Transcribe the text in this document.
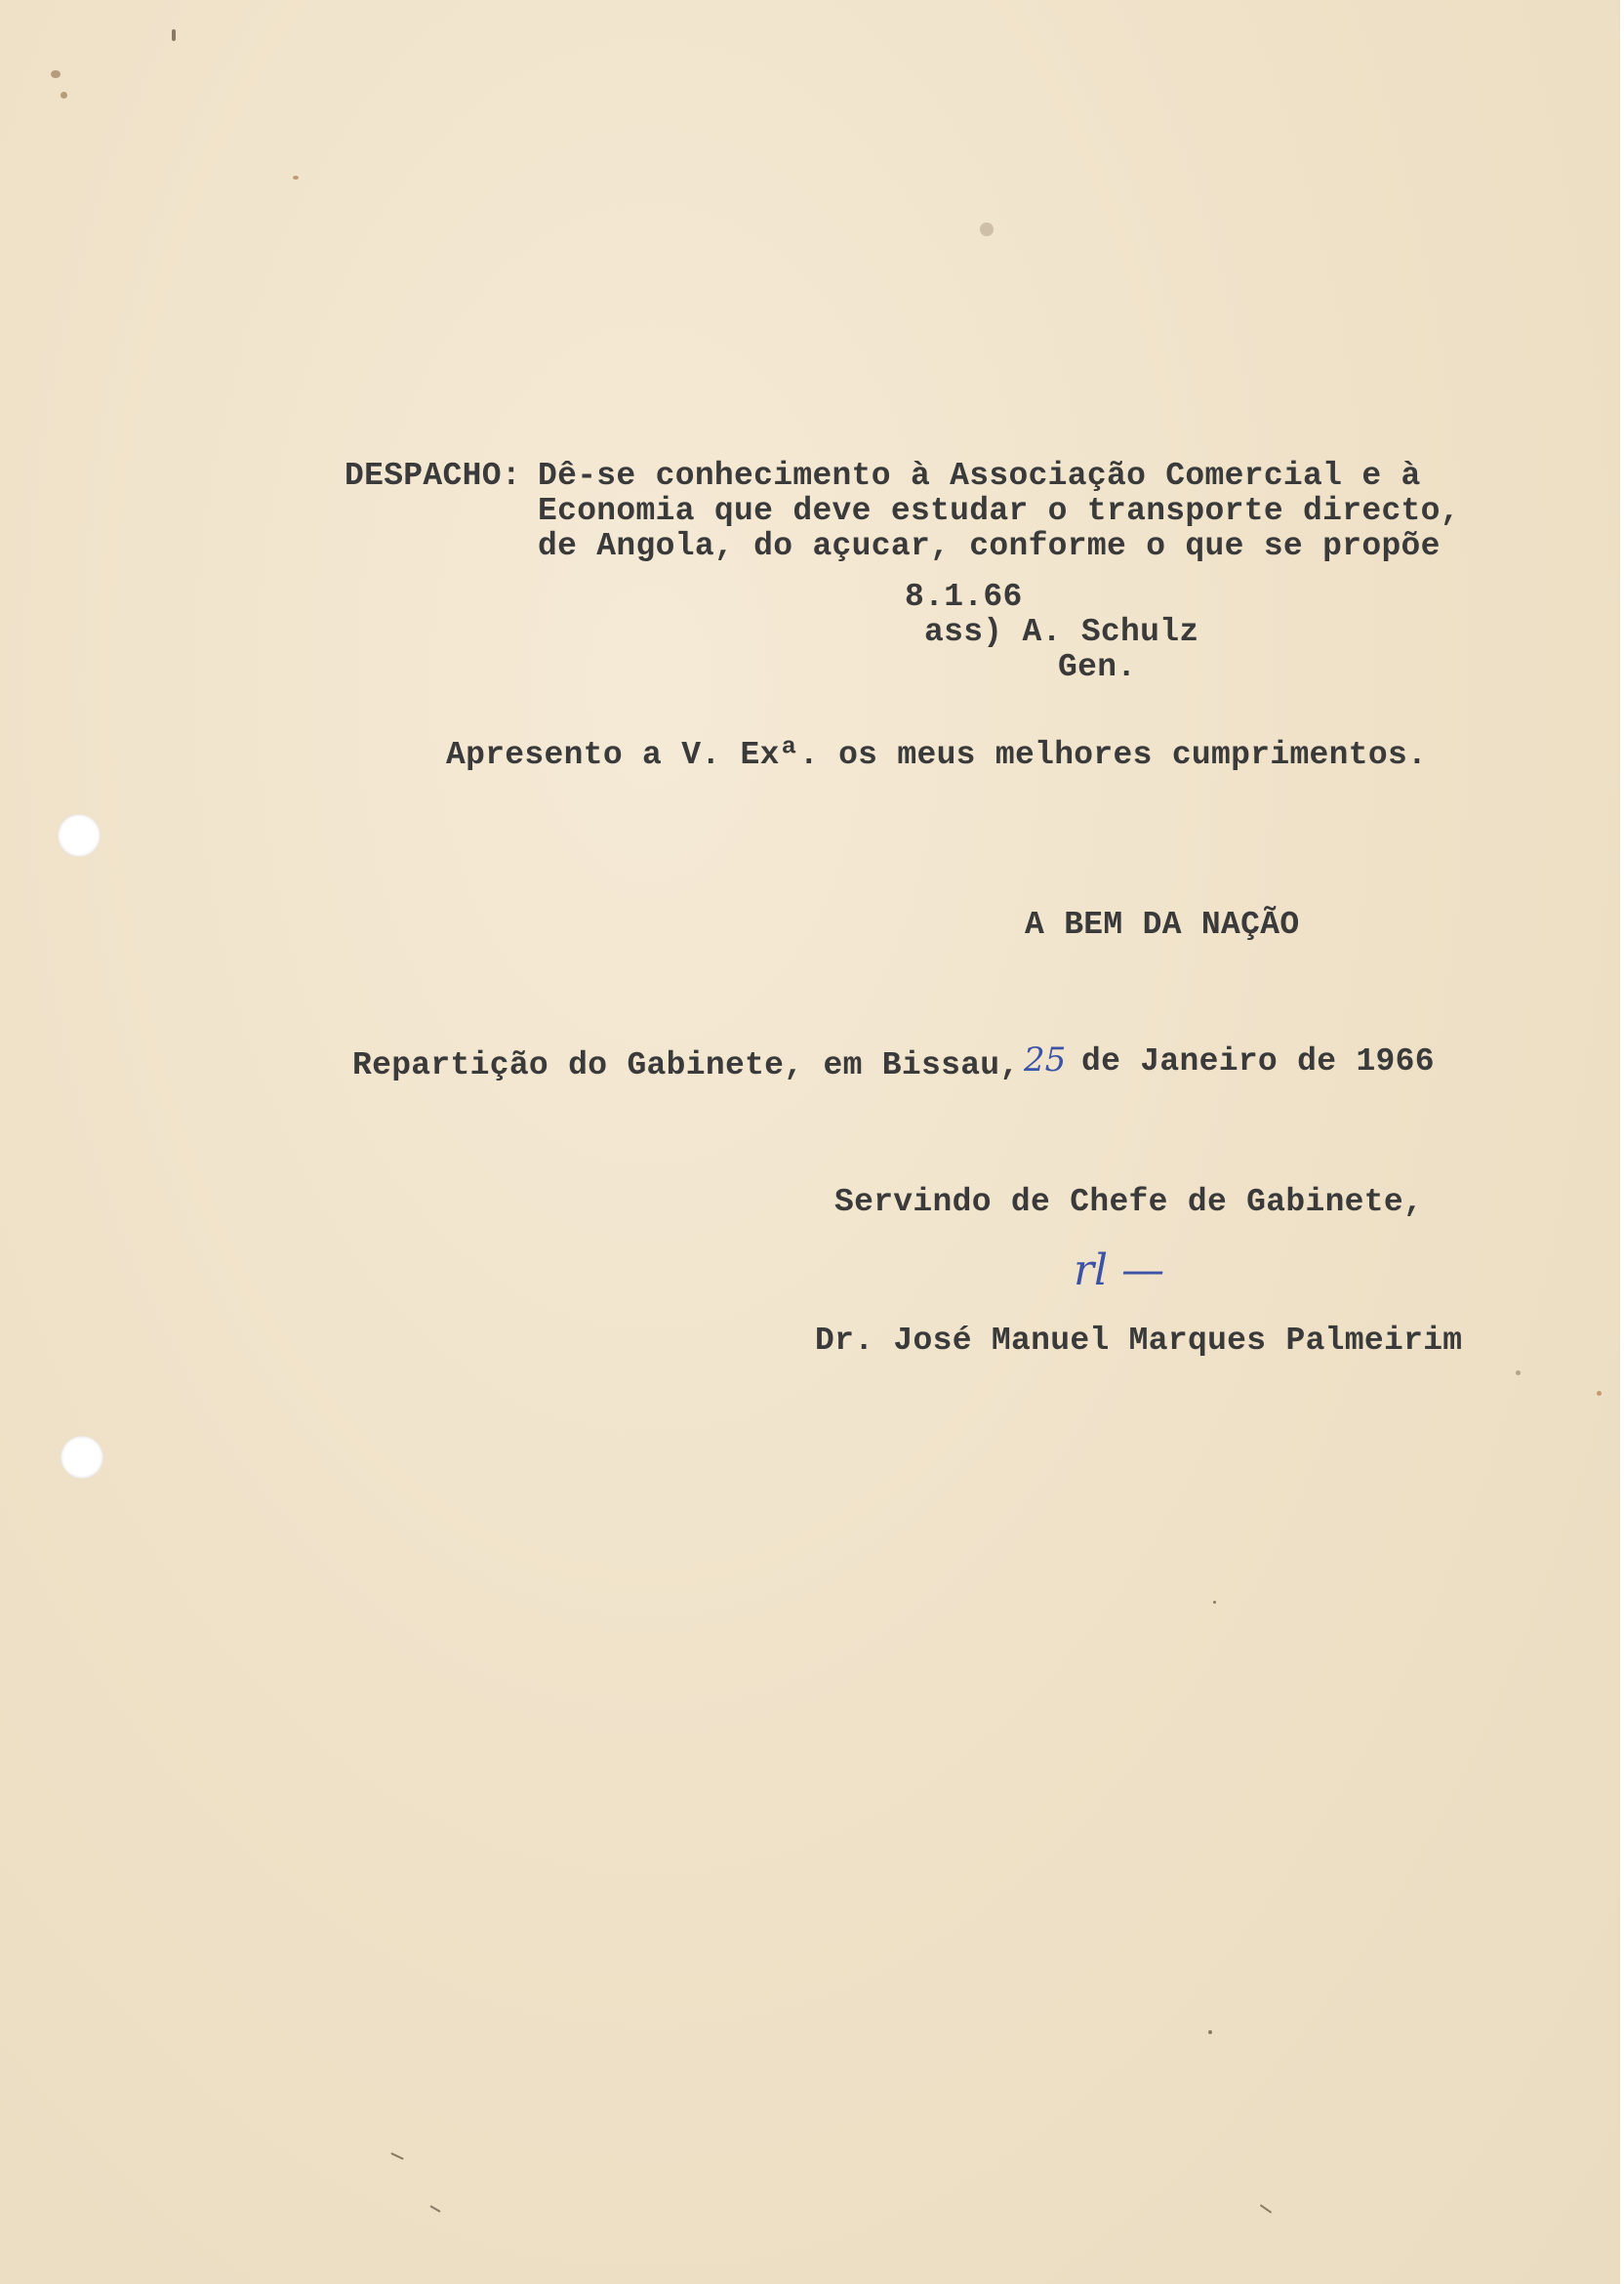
DESPACHO: Dê-se conhecimento à Associação Comercial e à
Economia que deve estudar o transporte directo,
de Angola, do açucar, conforme o que se propõe
8.1.66
ass) A. Schulz
Gen.
Apresento a V. Exª. os meus melhores cumprimentos.
A BEM DA NAÇÃO
Repartição do Gabinete, em Bissau, 25 de Janeiro de 1966
Servindo de Chefe de Gabinete,
rl —
Dr. José Manuel Marques Palmeirim
